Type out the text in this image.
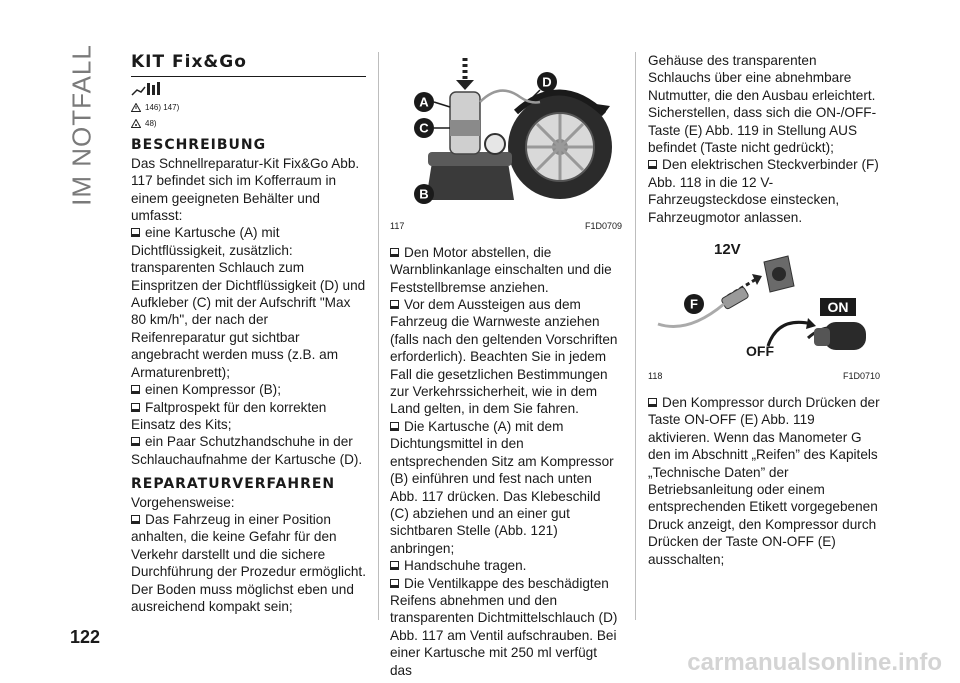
IM NOTFALL KIT Fix&Go
146) 147)
48)
BESCHREIBUNG

Das Schnellreparatur-Kit Fix&Go Abb. 117 befindet sich im Kofferraum in einem geeigneten Behälter und umfasst:

eine Kartusche (A) mit Dichtflüssigkeit, zusätzlich: transparenten Schlauch zum Einspritzen der Dichtflüssigkeit (D) und Aufkleber (C) mit der Aufschrift "Max 80 km/h", der nach der Reifenreparatur gut sichtbar angebracht werden muss (z.B. am Armaturenbrett);

einen Kompressor (B);

Faltprospekt für den korrekten Einsatz des Kits;

ein Paar Schutzhandschuhe in der Schlauchaufnahme der Kartusche (D).

REPARATURVERFAHREN

Vorgehensweise:

Das Fahrzeug in einer Position anhalten, die keine Gefahr für den Verkehr darstellt und die sichere Durchführung der Prozedur ermöglicht. Der Boden muss möglichst eben und ausreichend kompakt sein;

A
C
B
D
117	F1D0709

Den Motor abstellen, die Warnblinkanlage einschalten und die Feststellbremse anziehen.

Vor dem Aussteigen aus dem Fahrzeug die Warnweste anziehen (falls nach den geltenden Vorschriften erforderlich). Beachten Sie in jedem Fall die gesetzlichen Bestimmungen zur Verkehrssicherheit, wie in dem Land gelten, in dem Sie fahren.

Die Kartusche (A) mit dem Dichtungsmittel in den entsprechenden Sitz am Kompressor (B) einführen und fest nach unten Abb. 117 drücken. Das Klebeschild (C) abziehen und an einer gut sichtbaren Stelle (Abb. 121) anbringen;

Handschuhe tragen.

Die Ventilkappe des beschädigten Reifens abnehmen und den transparenten Dichtmittelschlauch (D) Abb. 117 am Ventil aufschrauben. Bei einer Kartusche mit 250 ml verfügt das

Gehäuse des transparenten Schlauchs über eine abnehmbare Nutmutter, die den Ausbau erleichtert. Sicherstellen, dass sich die ON-/OFF-Taste (E) Abb. 119 in Stellung AUS befindet (Taste nicht gedrückt);

Den elektrischen Steckverbinder (F) Abb. 118 in die 12 V-Fahrzeugsteckdose einstecken, Fahrzeugmotor anlassen.

12V
F	ON
OFF
118	F1D0710

Den Kompressor durch Drücken der Taste ON-OFF (E) Abb. 119 aktivieren. Wenn das Manometer G den im Abschnitt „Reifen” des Kapitels „Technische Daten” der Betriebsanleitung oder einem entsprechenden Etikett vorgegebenen Druck anzeigt, den Kompressor durch Drücken der Taste ON-OFF (E) ausschalten;

122
carmanualsonline.info
